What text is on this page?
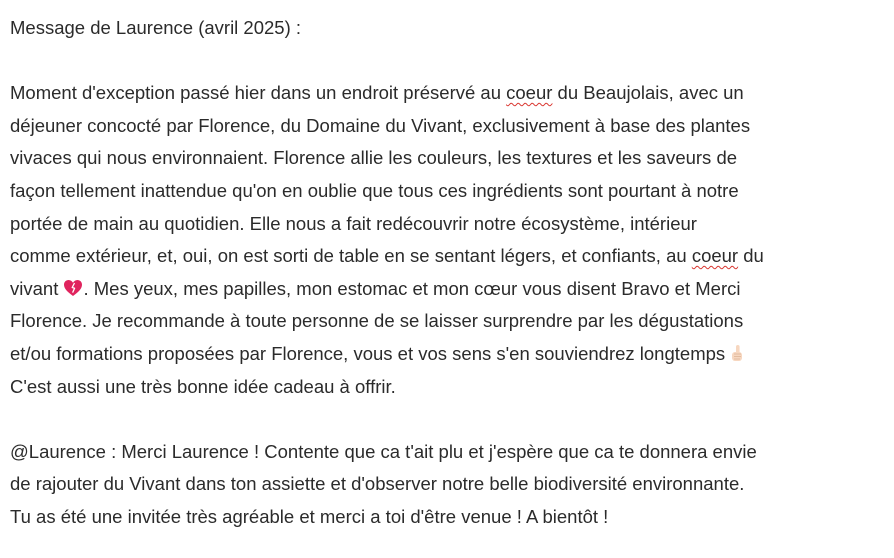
Message de Laurence (avril 2025) :
Moment d'exception passé hier dans un endroit préservé au coeur du Beaujolais, avec un
déjeuner concocté par Florence, du Domaine du Vivant, exclusivement à base des plantes
vivaces qui nous environnaient. Florence allie les couleurs, les textures et les saveurs de
façon tellement inattendue qu'on en oublie que tous ces ingrédients sont pourtant à notre
portée de main au quotidien. Elle nous a fait redécouvrir notre écosystème, intérieur
comme extérieur, et, oui, on est sorti de table en se sentant légers, et confiants, au coeur du
vivant . Mes yeux, mes papilles, mon estomac et mon cœur vous disent Bravo et Merci
Florence. Je recommande à toute personne de se laisser surprendre par les dégustations
et/ou formations proposées par Florence, vous et vos sens s'en souviendrez longtemps
C'est aussi une très bonne idée cadeau à offrir.
@Laurence : Merci Laurence ! Contente que ca t'ait plu et j'espère que ca te donnera envie
de rajouter du Vivant dans ton assiette et d'observer notre belle biodiversité environnante.
Tu as été une invitée très agréable et merci a toi d'être venue ! A bientôt !
